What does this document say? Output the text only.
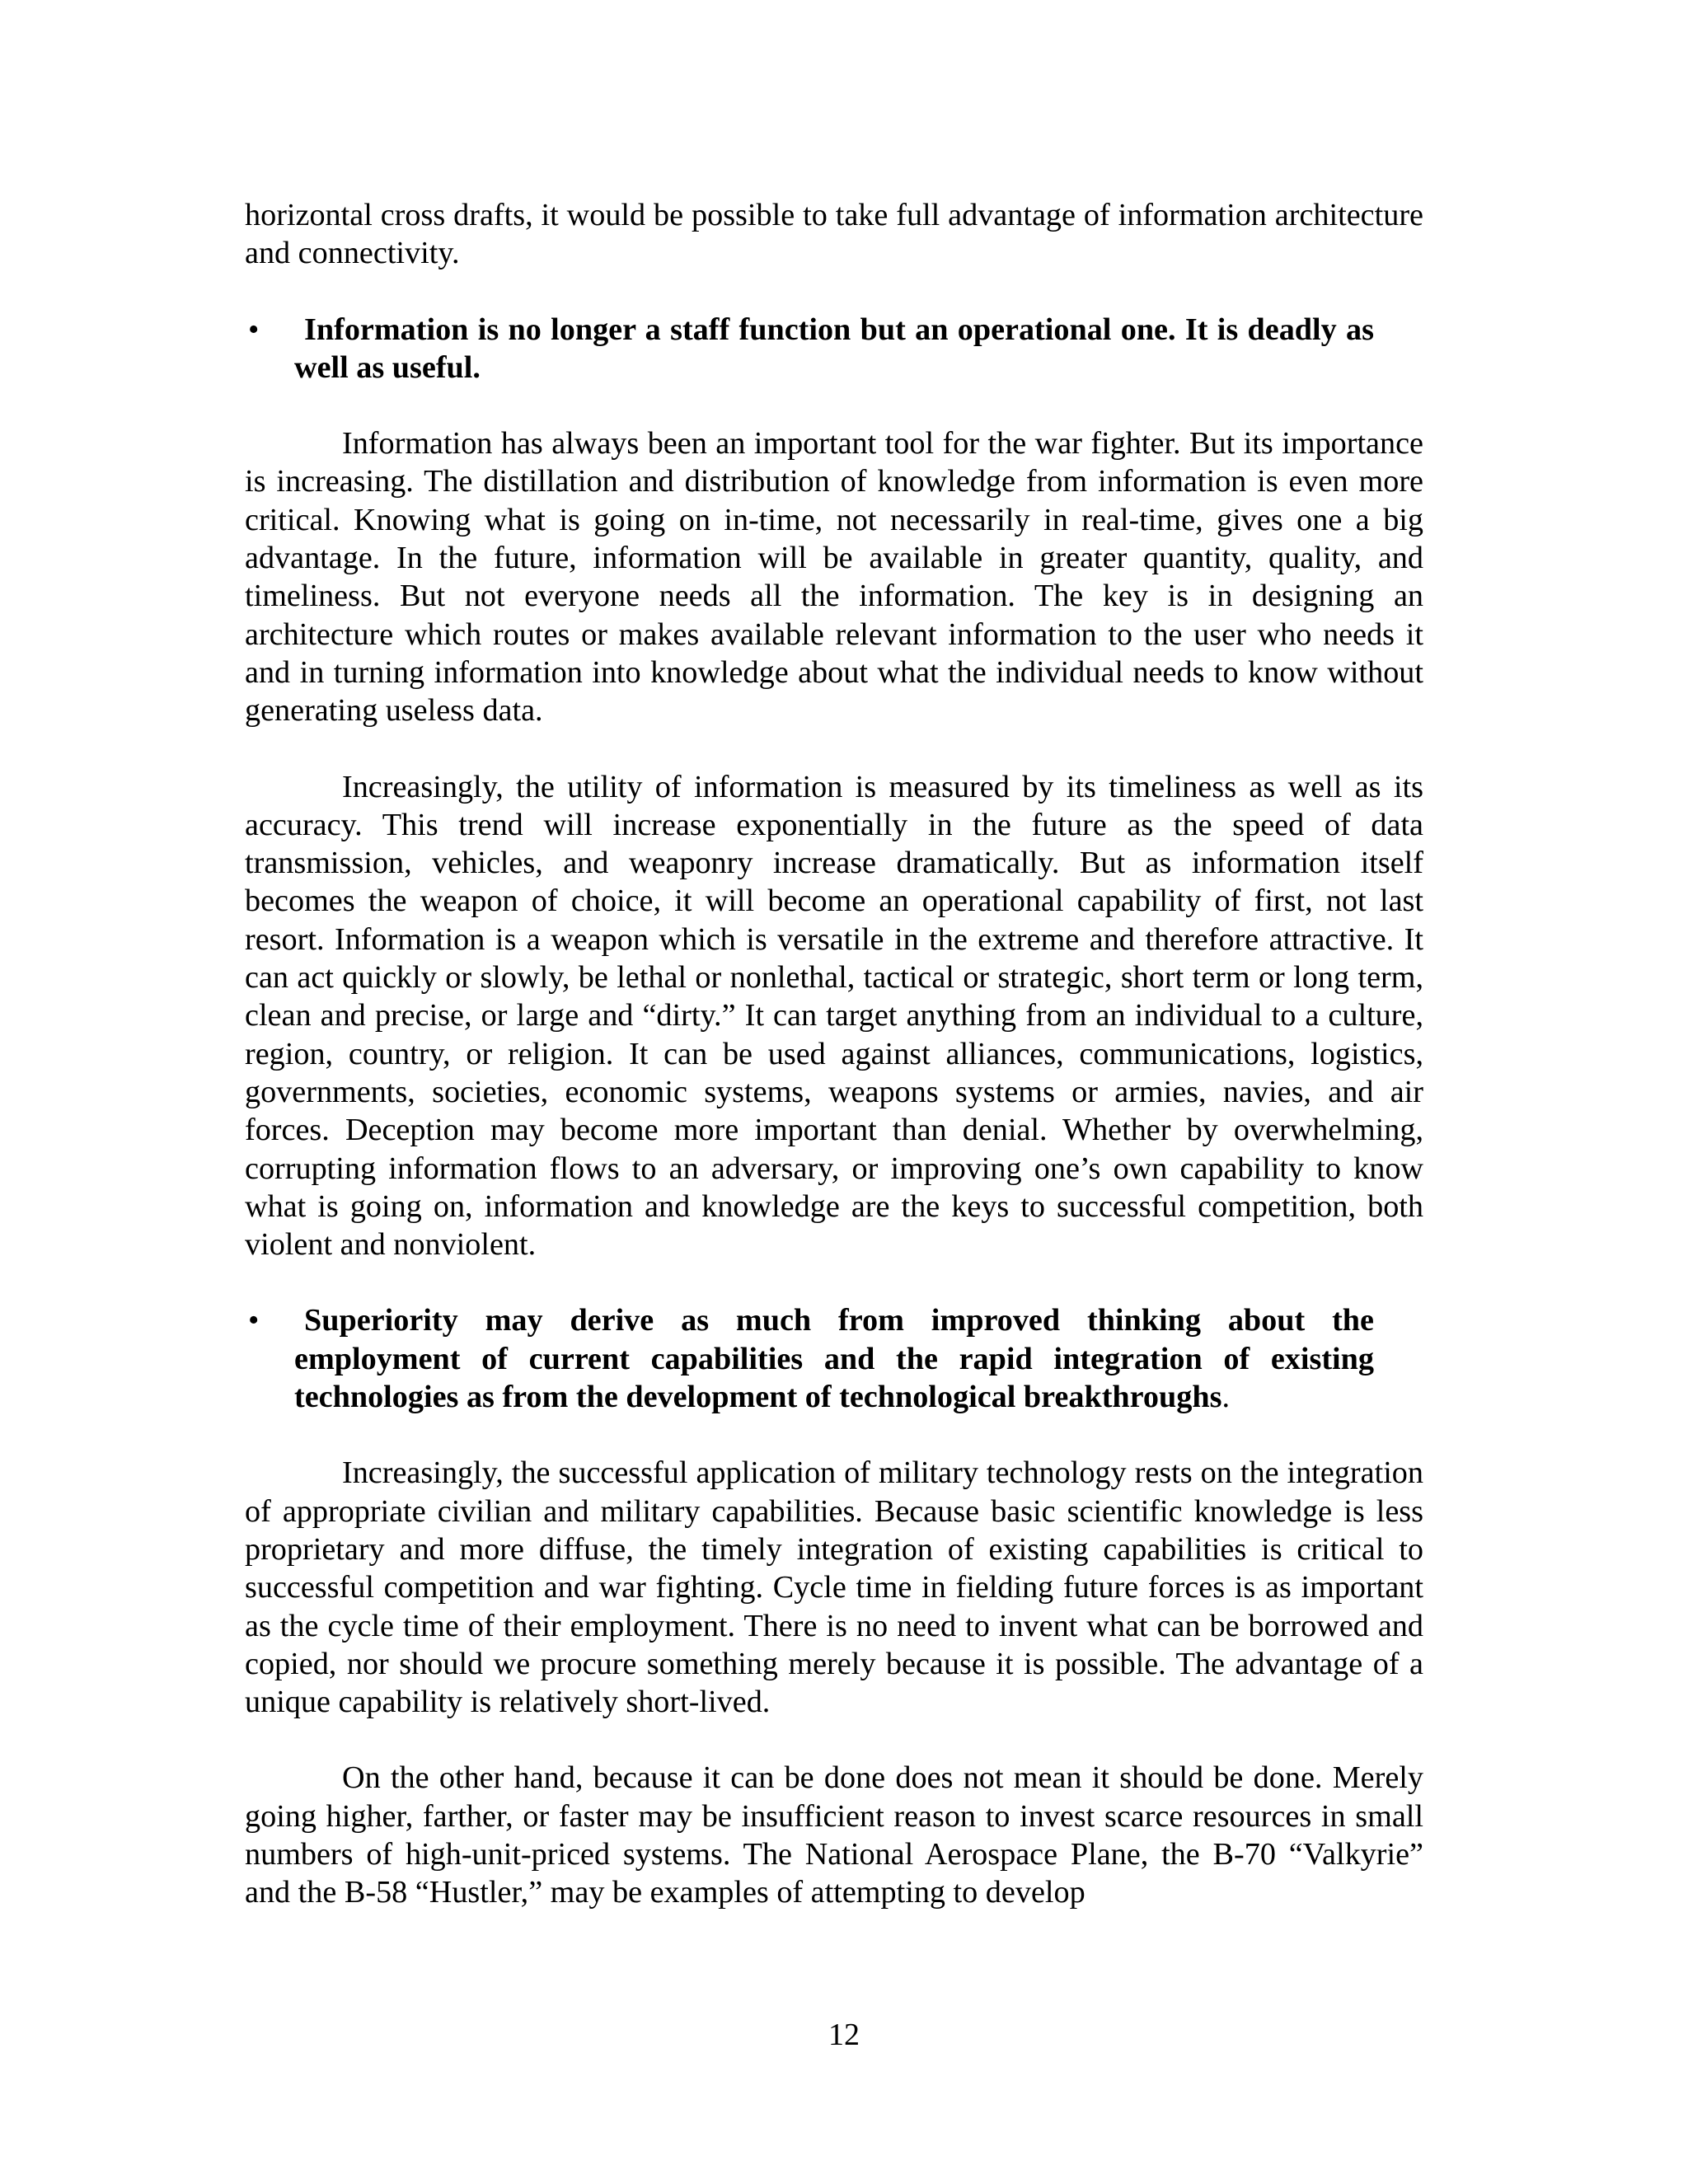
horizontal cross drafts, it would be possible to take full advantage of information architecture and connectivity.

•	Information is no longer a staff function but an operational one. It is deadly as well as useful.

Information has always been an important tool for the war fighter. But its importance is increasing. The distillation and distribution of knowledge from information is even more critical. Knowing what is going on in-time, not necessarily in real-time, gives one a big advantage. In the future, information will be available in greater quantity, quality, and timeliness. But not everyone needs all the information. The key is in designing an architecture which routes or makes available relevant information to the user who needs it and in turning information into knowledge about what the individual needs to know without generating useless data.

Increasingly, the utility of information is measured by its timeliness as well as its accuracy. This trend will increase exponentially in the future as the speed of data transmission, vehicles, and weaponry increase dramatically. But as information itself becomes the weapon of choice, it will become an operational capability of first, not last resort. Information is a weapon which is versatile in the extreme and therefore attractive. It can act quickly or slowly, be lethal or nonlethal, tactical or strategic, short term or long term, clean and precise, or large and “dirty.” It can target anything from an individual to a culture, region, country, or religion. It can be used against alliances, communications, logistics, governments, societies, economic systems, weapons systems or armies, navies, and air forces. Deception may become more important than denial. Whether by overwhelming, corrupting information flows to an adversary, or improving one’s own capability to know what is going on, information and knowledge are the keys to successful competition, both violent and nonviolent.

•	Superiority may derive as much from improved thinking about the employment of current capabilities and the rapid integration of existing technologies as from the development of technological breakthroughs.

Increasingly, the successful application of military technology rests on the integration of appropriate civilian and military capabilities. Because basic scientific knowledge is less proprietary and more diffuse, the timely integration of existing capabilities is critical to successful competition and war fighting. Cycle time in fielding future forces is as important as the cycle time of their employment. There is no need to invent what can be borrowed and copied, nor should we procure something merely because it is possible. The advantage of a unique capability is relatively short-lived.

On the other hand, because it can be done does not mean it should be done. Merely going higher, farther, or faster may be insufficient reason to invest scarce resources in small numbers of high-unit-priced systems. The National Aerospace Plane, the B-70 “Valkyrie” and the B-58 “Hustler,” may be examples of attempting to develop

12
